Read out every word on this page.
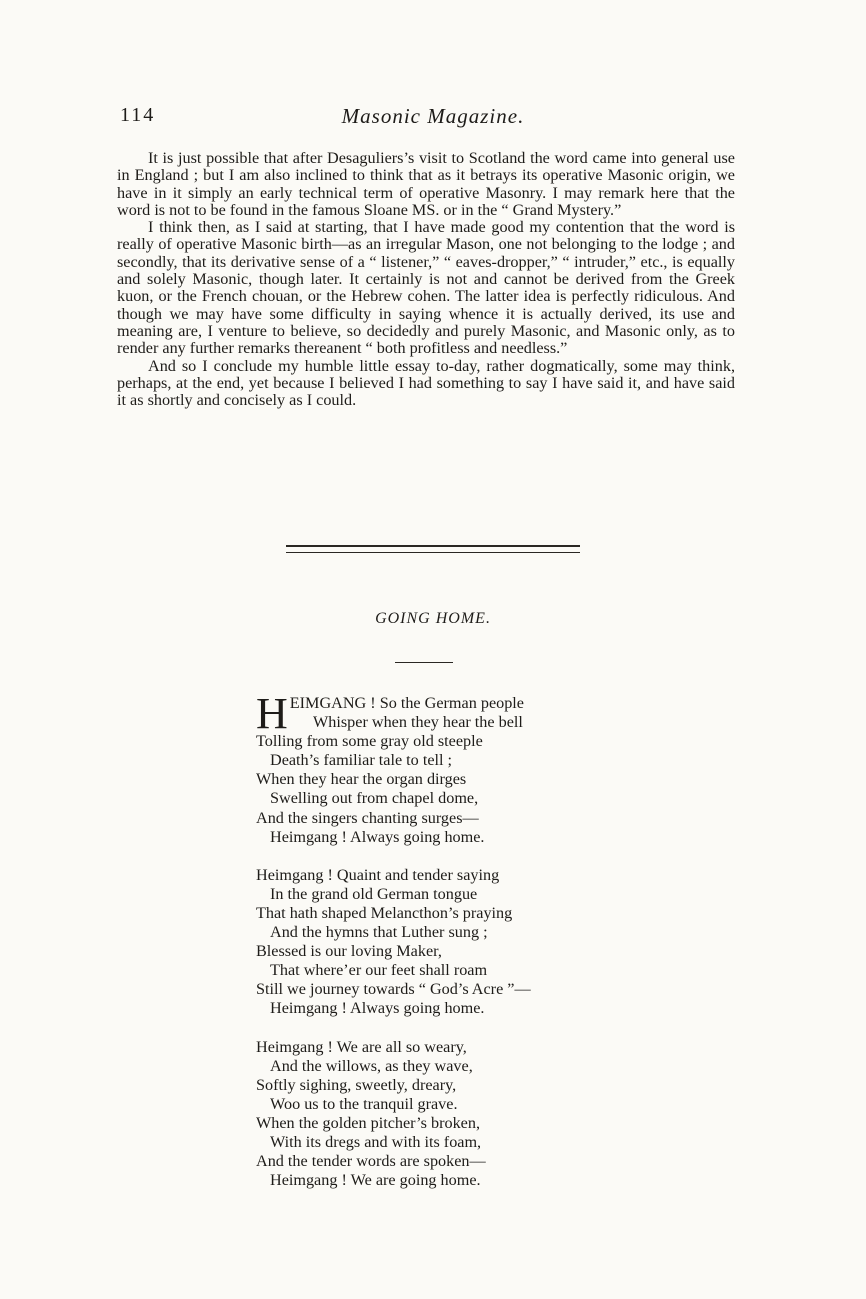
114	Masonic Magazine.

It is just possible that after Desaguliers’s visit to Scotland the word came into general use in England ; but I am also inclined to think that as it betrays its operative Masonic origin, we have in it simply an early technical term of operative Masonry. I may remark here that the word is not to be found in the famous Sloane MS. or in the “ Grand Mystery.”

I think then, as I said at starting, that I have made good my contention that the word is really of operative Masonic birth—as an irregular Mason, one not belonging to the lodge ; and secondly, that its derivative sense of a “ listener,” “ eaves-dropper,” “ intruder,” etc., is equally and solely Masonic, though later. It certainly is not and cannot be derived from the Greek kuon, or the French chouan, or the Hebrew cohen. The latter idea is perfectly ridiculous. And though we may have some difficulty in saying whence it is actually derived, its use and meaning are, I venture to believe, so decidedly and purely Masonic, and Masonic only, as to render any further remarks thereanent “ both profitless and needless.”

And so I conclude my humble little essay to-day, rather dogmatically, some may think, perhaps, at the end, yet because I believed I had something to say I have said it, and have said it as shortly and concisely as I could.

GOING HOME.
HEIMGANG ! So the German people
Whisper when they hear the bell
Tolling from some gray old steeple
Death’s familiar tale to tell ;
When they hear the organ dirges
Swelling out from chapel dome,
And the singers chanting surges—
Heimgang ! Always going home.
Heimgang ! Quaint and tender saying
In the grand old German tongue
That hath shaped Melancthon’s praying
And the hymns that Luther sung ;
Blessed is our loving Maker,
That where’er our feet shall roam
Still we journey towards “ God’s Acre ”—
Heimgang ! Always going home.
Heimgang ! We are all so weary,
And the willows, as they wave,
Softly sighing, sweetly, dreary,
Woo us to the tranquil grave.
When the golden pitcher’s broken,
With its dregs and with its foam,
And the tender words are spoken—
Heimgang ! We are going home.
